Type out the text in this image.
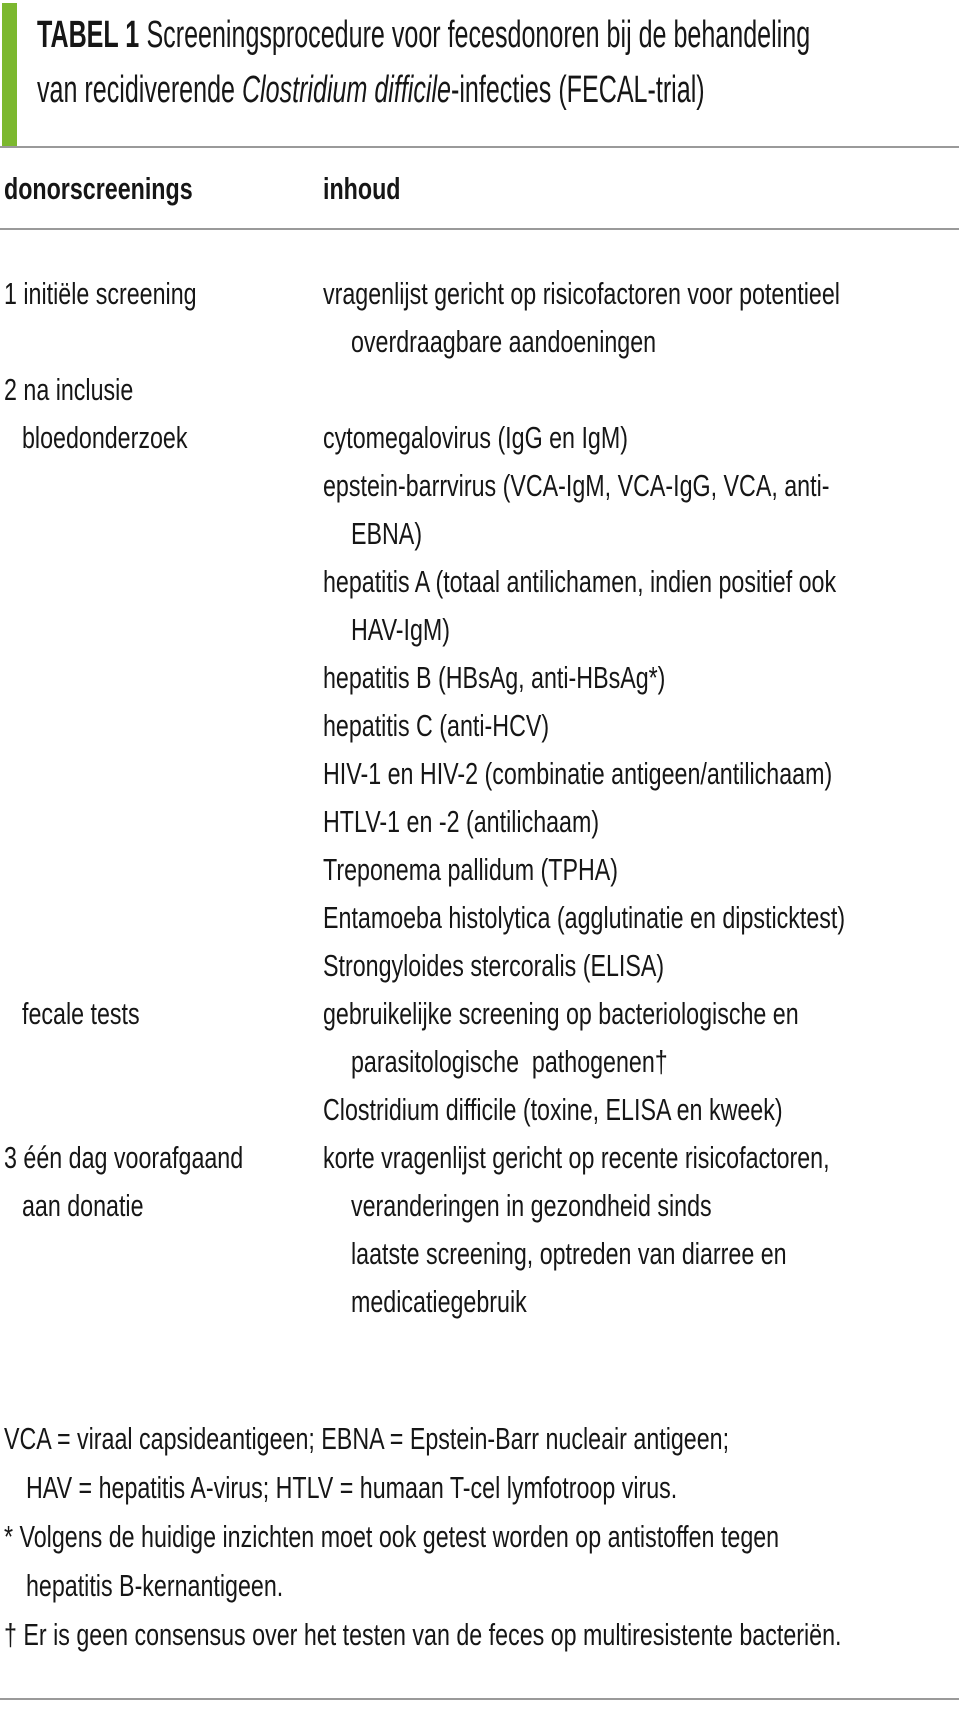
TABEL 1 Screeningsprocedure voor fecesdonoren bij de behandeling
van recidiverende Clostridium difficile-infecties (FECAL-trial)
donorscreenings	inhoud
1 initiële screening	vragenlijst gericht op risicofactoren voor potentieel
overdraagbare aandoeningen
2 na inclusie
bloedonderzoek	cytomegalovirus (IgG en IgM)
epstein-barrvirus (VCA-IgM, VCA-IgG, VCA, anti-
EBNA)
hepatitis A (totaal antilichamen, indien positief ook
HAV-IgM)
hepatitis B (HBsAg, anti-HBsAg*)
hepatitis C (anti-HCV)
HIV-1 en HIV-2 (combinatie antigeen/antilichaam)
HTLV-1 en -2 (antilichaam)
Treponema pallidum (TPHA)
Entamoeba histolytica (agglutinatie en dipsticktest)
Strongyloides stercoralis (ELISA)
fecale tests	gebruikelijke screening op bacteriologische en
parasitologische  pathogenen†
Clostridium difficile (toxine, ELISA en kweek)
3 één dag voorafgaand	korte vragenlijst gericht op recente risicofactoren,
aan donatie	veranderingen in gezondheid sinds
laatste screening, optreden van diarree en
medicatiegebruik
VCA = viraal capsideantigeen; EBNA = Epstein-Barr nucleair antigeen;
HAV = hepatitis A-virus; HTLV = humaan T-cel lymfotroop virus.
* Volgens de huidige inzichten moet ook getest worden op antistoffen tegen
hepatitis B-kernantigeen.
† Er is geen consensus over het testen van de feces op multiresistente bacteriën.
